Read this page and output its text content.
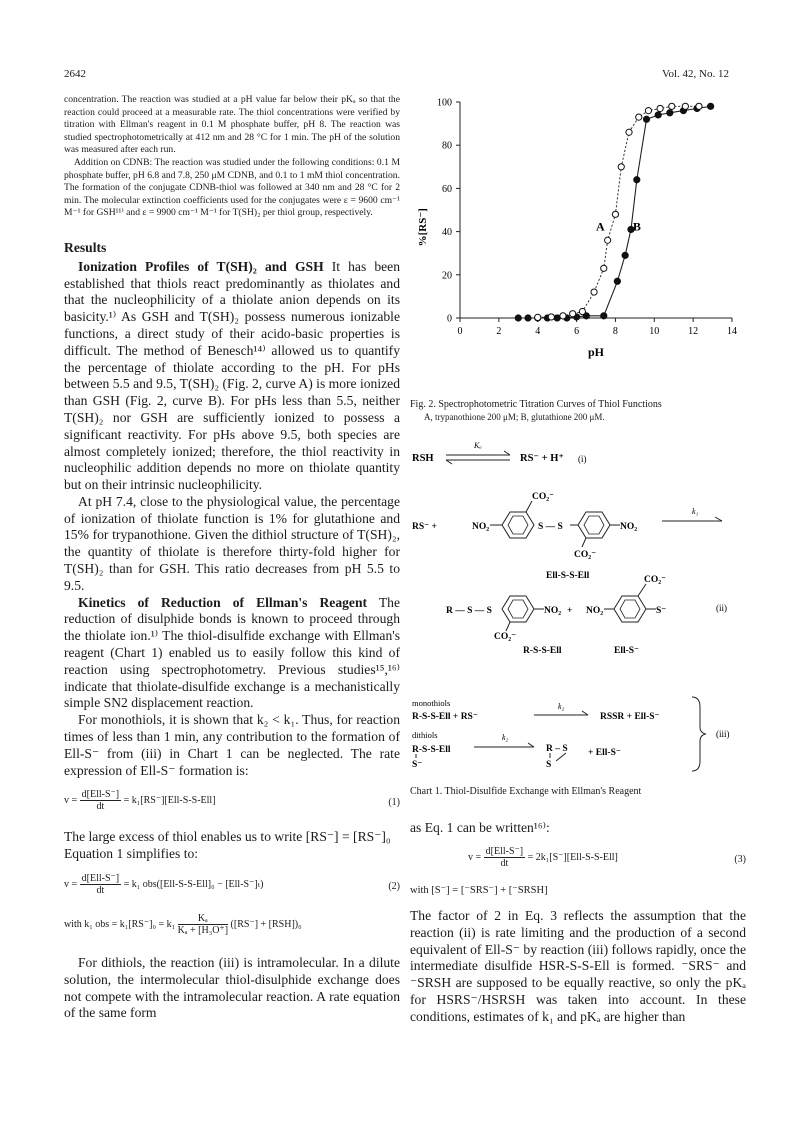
2642	Vol. 42, No. 12

concentration. The reaction was studied at a pH value far below their pKₐ so that the reaction could proceed at a measurable rate. The thiol concentrations were verified by titration with Ellman's reagent in 0.1 M phosphate buffer, pH 8. The reaction was studied spectrophotometrically at 412 nm and 28 °C for 1 min. The pH of the solution was measured after each run.

Addition on CDNB: The reaction was studied under the following conditions: 0.1 M phosphate buffer, pH 6.8 and 7.8, 250 μM CDNB, and 0.1 to 1 mM thiol concentration. The formation of the conjugate CDNB-thiol was followed at 340 nm and 28 °C for 2 min. The molecular extinction coefficients used for the conjugates were ε = 9600 cm⁻¹ M⁻¹ for GSH¹¹⁾ and ε = 9900 cm⁻¹ M⁻¹ for T(SH)₂ per thiol group, respectively.

Results

Ionization Profiles of T(SH)₂ and GSH It has been established that thiols react predominantly as thiolates and that the nucleophilicity of a thiolate anion depends on its basicity.¹⁾ As GSH and T(SH)₂ possess numerous ionizable functions, a direct study of their acido-basic properties is difficult. The method of Benesch¹⁴⁾ allowed us to quantify the percentage of thiolate according to the pH. For pHs between 5.5 and 9.5, T(SH)₂ (Fig. 2, curve A) is more ionized than GSH (Fig. 2, curve B). For pHs less than 5.5, neither T(SH)₂ nor GSH are sufficiently ionized to possess a significant reactivity. For pHs above 9.5, both species are almost completely ionized; therefore, the thiol reactivity in nucleophilic addition depends no more on thiolate quantity but on their intrinsic nucleophilicity.

At pH 7.4, close to the physiological value, the percentage of ionization of thiolate function is 1% for glutathione and 15% for trypanothione. Given the dithiol structure of T(SH)₂, the quantity of thiolate is therefore thirty-fold higher for T(SH)₂ than for GSH. This ratio decreases from pH 5.5 to 9.5.

Kinetics of Reduction of Ellman's Reagent The reduction of disulphide bonds is known to proceed through the thiolate ion.¹⁾ The thiol-disulfide exchange with Ellman's reagent (Chart 1) enabled us to easily follow this kind of reaction using spectrophotometry. Previous studies¹⁵,¹⁶⁾ indicate that thiolate-disulfide exchange is a mechanistically simple SN2 displacement reaction.

For monothiols, it is shown that k₂ < k₁. Thus, for reaction times of less than 1 min, any contribution to the formation of Ell-S⁻ from (iii) in Chart 1 can be neglected. The rate expression of Ell-S⁻ formation is:

$v = \frac{\text{d[Ell-S⁻]}}{dt} = k_1[RS^-][Ell-S-S-Ell]$	(1)

The large excess of thiol enables us to write [RS⁻] = [RS⁻]₀

Equation 1 simplifies to:

$v = \frac{\text{d[Ell-S⁻]}}{dt} = k_1$ obs([Ell-S-S-Ell]₀ − [Ell-S⁻]ₜ)	(2)
with k₁ obs = $k_1[RS^-]_0 = k_1 \frac{\text{Kₐ}}{\text{Kₐ + [H₃O⁺]}} ([RS^-] + [RSH])_0$

For dithiols, the reaction (iii) is intramolecular. In a dilute solution, the intermolecular thiol-disulphide exchange does not compete with the intramolecular reaction. A rate equation of the same form

0	2	4	6	8	10	12	14
0
20
40
60
80
100
A B
%[RS⁻]
pH
Fig. 2. Spectrophotometric Titration Curves of Thiol Functions
A, trypanothione 200 μM; B, glutathione 200 μM.
RSH
Kₐ
RS⁻ + H⁺ (i)
RS⁻ +	NO₂
CO₂⁻
S — S	NO₂
CO₂⁻
k₁
Ell-S-S-Ell
R — S — S	NO₂
CO₂⁻
+ NO₂
CO₂⁻
S⁻	(ii)
R-S-S-Ell	Ell-S⁻
monothiols
R-S-S-Ell + RS⁻
k₂
RSSR + Ell-S⁻
dithiols
R-S-S-Ell
S⁻
k₂
R – S
S
+ Ell-S⁻
(iii)
Chart 1. Thiol-Disulfide Exchange with Ellman's Reagent

as Eq. 1 can be written¹⁶⁾:

$v = \frac{\text{d[Ell-S⁻]}}{dt} = 2k_1[S^-][Ell-S-S-Ell]$	(3)
with [S⁻] = [⁻SRS⁻] + [⁻SRSH]

The factor of 2 in Eq. 3 reflects the assumption that the reaction (ii) is rate limiting and the production of a second equivalent of Ell-S⁻ by reaction (iii) follows rapidly, once the intermediate disulfide HSR-S-S-Ell is formed. ⁻SRS⁻ and ⁻SRSH are supposed to be equally reactive, so only the pKₐ for HSRS⁻/HSRSH was taken into account. In these conditions, estimates of k₁ and pKₐ are higher than
